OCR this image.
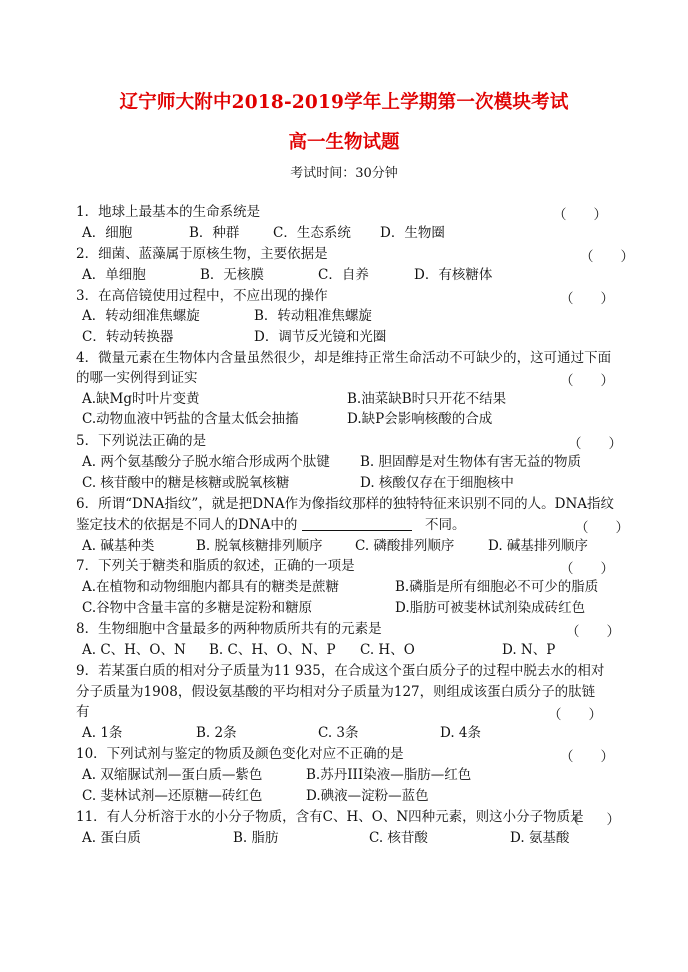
辽宁师大附中2018-2019学年上学期第一次模块考试
高一生物试题
考试时间：30分钟
1．地球上最基本的生命系统是	（　　）
A．细胞	B．种群 C．生态系统 D．生物圈
2．细菌、蓝藻属于原核生物，主要依据是	（　　）
A．单细胞	B．无核膜	C．自养	D．有核糖体
3．在高倍镜使用过程中，不应出现的操作	（　　）
A．转动细准焦螺旋	B．转动粗准焦螺旋
C．转动转换器	D．调节反光镜和光圈
4．微量元素在生物体内含量虽然很少，却是维持正常生命活动不可缺少的，这可通过下面
的哪一实例得到证实	（　　）
A.缺Mg时叶片变黄	B.油菜缺B时只开花不结果
C.动物血液中钙盐的含量太低会抽搐	D.缺P会影响核酸的合成
5．下列说法正确的是	（　　）
A. 两个氨基酸分子脱水缩合形成两个肽键 B. 胆固醇是对生物体有害无益的物质
C. 核苷酸中的糖是核糖或脱氧核糖	D. 核酸仅存在于细胞核中
6．所谓“DNA指纹”，就是把DNA作为像指纹那样的独特特征来识别不同的人。DNA指纹
鉴定技术的依据是不同人的DNA中的	不同。	（　　）
A. 碱基种类	B. 脱氧核糖排列顺序 C. 磷酸排列顺序 D. 碱基排列顺序
7．下列关于糖类和脂质的叙述，正确的一项是	（　　）
A.在植物和动物细胞内都具有的糖类是蔗糖	B.磷脂是所有细胞必不可少的脂质
C.谷物中含量丰富的多糖是淀粉和糖原	D.脂肪可被斐林试剂染成砖红色
8．生物细胞中含量最多的两种物质所共有的元素是	（　　）
A. C、H、O、N B. C、H、O、N、P C. H、O	D. N、P
9．若某蛋白质的相对分子质量为11 935，在合成这个蛋白质分子的过程中脱去水的相对
分子质量为1908，假设氨基酸的平均相对分子质量为127，则组成该蛋白质分子的肽链
有	（　　）
A. 1条	B. 2条	C. 3条	D. 4条
10．下列试剂与鉴定的物质及颜色变化对应不正确的是	（　　）
A. 双缩脲试剂—蛋白质—紫色	B.苏丹III染液—脂肪—红色
C. 斐林试剂—还原糖—砖红色	D.碘液—淀粉—蓝色
11．有人分析溶于水的小分子物质，含有C、H、O、N四种元素，则这小分子物质是
（　　）
A. 蛋白质	B. 脂肪	C. 核苷酸	D. 氨基酸
